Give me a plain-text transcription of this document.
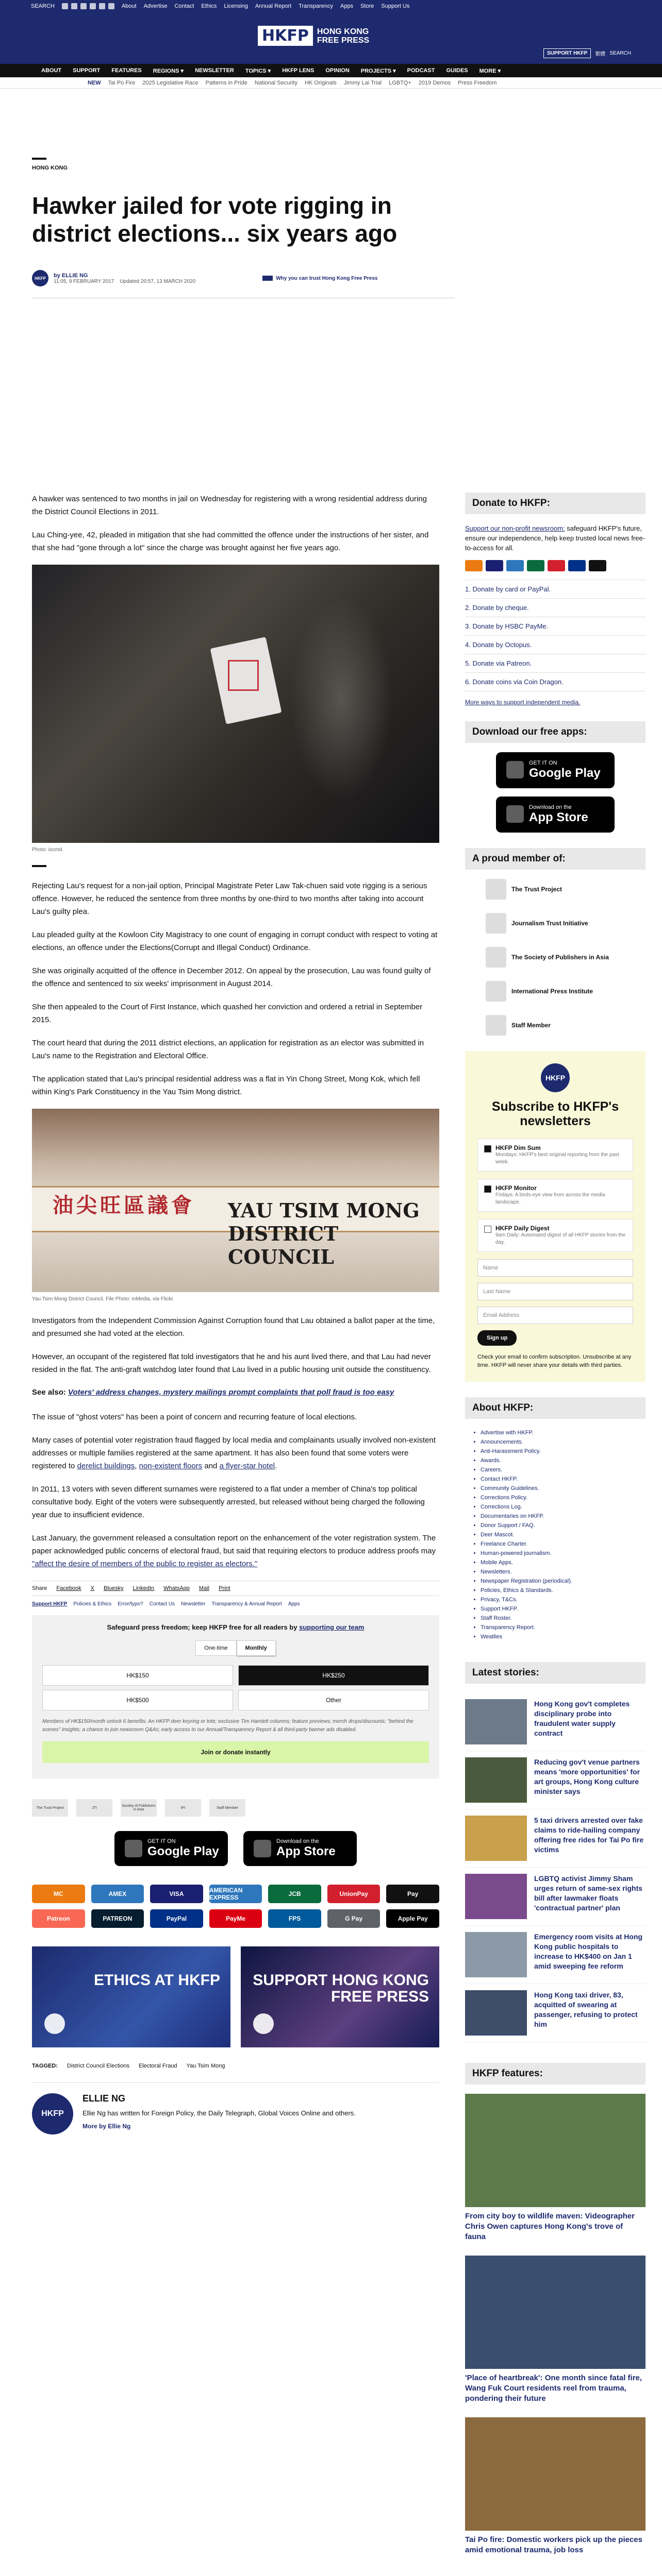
SEARCH	About Advertise Contact Ethics Licensing Annual Report Transparency Apps Store Support Us
HKFP	HONG KONG
FREE PRESS
SUPPORT HKFP	繁體 SEARCH
ABOUT SUPPORT FEATURES REGIONS ▾ NEWSLETTER TOPICS ▾ HKFP LENS OPINION PROJECTS ▾ PODCAST GUIDES MORE ▾
NEW Tai Po Fire 2025 Legislative Race Patterns in Pride National Security HK Originals Jimmy Lai Trial LGBTQ+ 2019 Demos Press Freedom
HONG KONG
Hawker jailed for vote rigging in district elections... six years ago
HKFP	by ELLIE NG
11:05, 9 FEBRUARY 2017 Updated 20:57, 13 MARCH 2020
Why you can trust Hong Kong Free Press

A hawker was sentenced to two months in jail on Wednesday for registering with a wrong residential address during the District Council Elections in 2011.

Lau Ching-yee, 42, pleaded in mitigation that she had committed the offence under the instructions of her sister, and that she had "gone through a lot" since the charge was brought against her five years ago.

Photo: iocmd.

Rejecting Lau's request for a non-jail option, Principal Magistrate Peter Law Tak-chuen said vote rigging is a serious offence. However, he reduced the sentence from three months by one-third to two months after taking into account Lau's guilty plea.

Lau pleaded guilty at the Kowloon City Magistracy to one count of engaging in corrupt conduct with respect to voting at elections, an offence under the Elections(Corrupt and Illegal Conduct) Ordinance.

She was originally acquitted of the offence in December 2012. On appeal by the prosecution, Lau was found guilty of the offence and sentenced to six weeks' imprisonment in August 2014.

She then appealed to the Court of First Instance, which quashed her conviction and ordered a retrial in September 2015.

The court heard that during the 2011 district elections, an application for registration as an elector was submitted in Lau's name to the Registration and Electoral Office.

The application stated that Lau's principal residential address was a flat in Yin Chong Street, Mong Kok, which fell within King's Park Constituency in the Yau Tsim Mong district.

油尖旺區議會 YAU TSIM MONG DISTRICT COUNCIL
Yau Tsim Mong District Council. File Photo: inMedia, via Flickr.

Investigators from the Independent Commission Against Corruption found that Lau obtained a ballot paper at the time, and presumed she had voted at the election.

However, an occupant of the registered flat told investigators that he and his aunt lived there, and that Lau had never resided in the flat. The anti-graft watchdog later found that Lau lived in a public housing unit outside the constituency.

See also: Voters' address changes, mystery mailings prompt complaints that poll fraud is too easy

The issue of "ghost voters" has been a point of concern and recurring feature of local elections.

Many cases of potential voter registration fraud flagged by local media and complainants usually involved non-existent addresses or multiple families registered at the same apartment. It has also been found that some voters were registered to derelict buildings, non-existent floors and a flyer-star hotel.

In 2011, 13 voters with seven different surnames were registered to a flat under a member of China's top political consultative body. Eight of the voters were subsequently arrested, but released without being charged the following year due to insufficient evidence.

Last January, the government released a consultation report on the enhancement of the voter registration system. The paper acknowledged public concerns of electoral fraud, but said that requiring electors to produce address proofs may "affect the desire of members of the public to register as electors."

Share Facebook X Bluesky LinkedIn WhatsApp Mail Print
Support HKFP Policies & Ethics Error/typo? Contact Us Newsletter Transparency & Annual Report Apps
Safeguard press freedom; keep HKFP free for all readers by supporting our team
One-time	Monthly
HK$150	HK$250
HK$500	Other
Members of HK$150/month unlock 6 benefits: An HKFP deer keyring or tote; exclusive Tim Hamlett columns; feature previews; merch drops/discounts; "behind the scenes" insights; a chance to join newsroom Q&As; early access to our Annual/Transparency Report & all third-party banner ads disabled.
Join or donate instantly
The Trust Project	JTI	Society of Publishers in Asia	IPI	Staff Member
GET IT ON
Google Play
Download on the
App Store
MC	AMEX	VISA	AMERICAN EXPRESS	JCB	UnionPay	Pay
Patreon	PATREON	PayPal	PayMe	FPS	G Pay	Apple Pay
ETHICS AT HKFP	SUPPORT HONG KONG FREE PRESS
TAGGED: District Council Elections Electoral Fraud Yau Tsim Mong
HKFP
ELLIE NG
Ellie Ng has written for Foreign Policy, the Daily Telegraph, Global Voices Online and others.
More by Ellie Ng
Donate to HKFP:
Support our non-profit newsroom: safeguard HKFP's future, ensure our independence, help keep trusted local news free-to-access for all.
1. Donate by card or PayPal.
2. Donate by cheque.
3. Donate by HSBC PayMe.
4. Donate by Octopus.
5. Donate via Patreon.
6. Donate coins via Coin Dragon.
More ways to support independent media.
Download our free apps:
GET IT ON
Google Play
Download on the
App Store
A proud member of:
The Trust Project
Journalism Trust Initiative
The Society of Publishers in Asia
International Press Institute
Staff Member
HKFP
Subscribe to HKFP's newsletters
HKFP Dim Sum
Mondays: HKFP's best original reporting from the past week.
HKFP Monitor
Fridays: A birds-eye view from across the media landscape.
HKFP Daily Digest
9am Daily: Automated digest of all HKFP stories from the day.
Name
Last Name
Email Address
Sign up
Check your email to confirm subscription. Unsubscribe at any time. HKFP will never share your details with third parties.
About HKFP:
• Advertise with HKFP.
• Announcements.
• Anti-Harassment Policy.
• Awards.
• Careers.
• Contact HKFP.
• Community Guidelines.
• Corrections Policy.
• Corrections Log.
• Documentaries on HKFP.
• Donor Support / FAQ.
• Deer Mascot.
• Freelance Charter.
• Human-powered journalism.
• Mobile Apps.
• Newsletters.
• Newspaper Registration (periodical).
• Policies, Ethics & Standards.
• Privacy, T&Cs.
• Support HKFP.
• Staff Roster.
• Transparency Report.
• Weatlies
Latest stories:
Hong Kong gov't completes disciplinary probe into fraudulent water supply contract
Reducing gov't venue partners means 'more opportunities' for art groups, Hong Kong culture minister says
5 taxi drivers arrested over fake claims to ride-hailing company offering free rides for Tai Po fire victims
LGBTQ activist Jimmy Sham urges return of same-sex rights bill after lawmaker floats 'contractual partner' plan
Emergency room visits at Hong Kong public hospitals to increase to HK$400 on Jan 1 amid sweeping fee reform
Hong Kong taxi driver, 83, acquitted of swearing at passenger, refusing to protect him
HKFP features:
From city boy to wildlife maven: Videographer Chris Owen captures Hong Kong's trove of fauna
'Place of heartbreak': One month since fatal fire, Wang Fuk Court residents reel from trauma, pondering their future
Tai Po fire: Domestic workers pick up the pieces amid emotional trauma, job loss
